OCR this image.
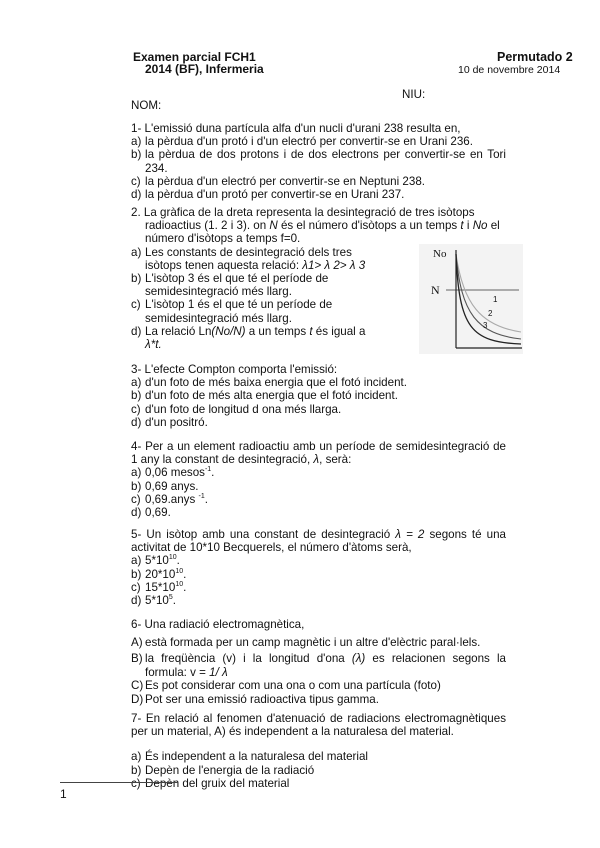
Examen parcial FCH1
2014 (BF), Infermeria
Permutado 2
10 de novembre 2014
NIU:
NOM:
1- L'emissió duna partícula alfa d'un nucli d'urani 238 resulta en,
a) la pèrdua d'un protó i d'un electró per convertir-se en Urani 236.
b) la pèrdua de dos protons i de dos electrons per convertir-se en Tori 234.
c) la pèrdua d'un electró per convertir-se en Neptuni 238.
d) la pèrdua d'un protó per convertir-se en Urani 237.
2. La gràfica de la dreta representa la desintegració de tres isòtops
radioactius (1. 2 i 3). on N és el número d'isòtops a un temps t i No el
número d'isòtops a temps f=0.
a) Les constants de desintegració dels tres
isòtops tenen aquesta relació: λ1> λ 2> λ 3
b) L'isòtop 3 és el que té el període de
semidesintegració més llarg.
c) L'isòtop 1 és el que té un període de
semidesintegració més llarg.
d) La relació Ln(No/N) a un temps t és igual a
λ*t.
No
N
1
2
3
3- L'efecte Compton comporta l'emissió:
a) d'un foto de més baixa energia que el fotó incident.
b) d'un foto de més alta energia que el fotó incident.
c) d'un foto de longitud d ona més llarga.
d) d'un positró.
4- Per a un element radioactiu amb un període de semidesintegració de 1 any la constant de desintegració, λ, serà:
a) 0,06 mesos$^{-1}$.
b) 0,69 anys.
c) 0,69.anys $^{-1}$.
d) 0,69.
5- Un isòtop amb una constant de desintegració λ = 2 segons té una activitat de 10*10 Becquerels, el número d'àtoms serà,
a) $5*10^{10}$.
b) $20*10^{10}$.
c) $15*10^{10}$.
d) $5*10^5$.
6- Una radiació electromagnètica,
A) està formada per un camp magnètic i un altre d'elèctric paral·lels.
B) la freqüència (v) i la longitud d'ona (λ) es relacionen segons la formula: v = 1/ λ
C) Es pot considerar com una ona o com una partícula (foto)
D) Pot ser una emissió radioactiva tipus gamma.
7- En relació al fenomen d'atenuació de radiacions electromagnètiques per un material, A) és independent a la naturalesa del material.
a) És independent a la naturalesa del material
b) Depèn de l'energia de la radiació
c) Depèn del gruix del material
1
